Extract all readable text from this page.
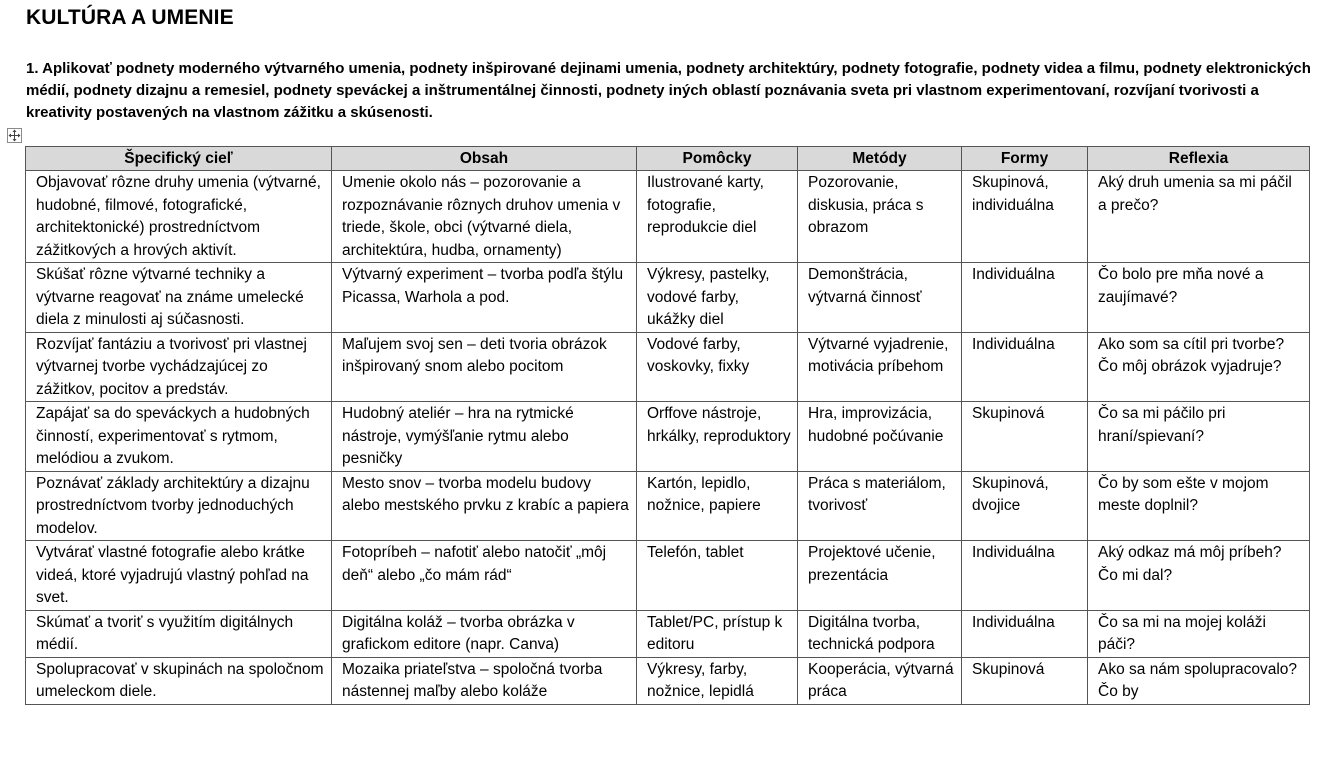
KULTÚRA A UMENIE
1. Aplikovať podnety moderného výtvarného umenia, podnety inšpirované dejinami umenia, podnety architektúry, podnety fotografie, podnety videa a filmu, podnety elektronických médií, podnety dizajnu a remesiel, podnety speváckej a inštrumentálnej činnosti, podnety iných oblastí poznávania sveta pri vlastnom experimentovaní, rozvíjaní tvorivosti a kreativity postavených na vlastnom zážitku a skúsenosti.
Špecifický cieľ	Obsah	Pomôcky	Metódy	Formy	Reflexia
Objavovať rôzne druhy umenia (výtvarné, hudobné, filmové, fotografické, architektonické) prostredníctvom zážitkových a hrových aktivít.	Umenie okolo nás – pozorovanie a rozpoznávanie rôznych druhov umenia v triede, škole, obci (výtvarné diela, architektúra, hudba, ornamenty)	Ilustrované karty, fotografie, reprodukcie diel	Pozorovanie, diskusia, práca s obrazom	Skupinová, individuálna	Aký druh umenia sa mi páčil a prečo?
Skúšať rôzne výtvarné techniky a výtvarne reagovať na známe umelecké diela z minulosti aj súčasnosti.	Výtvarný experiment – tvorba podľa štýlu Picassa, Warhola a pod.	Výkresy, pastelky, vodové farby, ukážky diel	Demonštrácia, výtvarná činnosť	Individuálna	Čo bolo pre mňa nové a zaujímavé?
Rozvíjať fantáziu a tvorivosť pri vlastnej výtvarnej tvorbe vychádzajúcej zo zážitkov, pocitov a predstáv.	Maľujem svoj sen – deti tvoria obrázok inšpirovaný snom alebo pocitom	Vodové farby, voskovky, fixky	Výtvarné vyjadrenie, motivácia príbehom	Individuálna	Ako som sa cítil pri tvorbe? Čo môj obrázok vyjadruje?
Zapájať sa do speváckych a hudobných činností, experimentovať s rytmom, melódiou a zvukom.	Hudobný ateliér – hra na rytmické nástroje, vymýšľanie rytmu alebo pesničky	Orffove nástroje, hrkálky, reproduktory	Hra, improvizácia, hudobné počúvanie	Skupinová	Čo sa mi páčilo pri hraní/spievaní?
Poznávať základy architektúry a dizajnu prostredníctvom tvorby jednoduchých modelov.	Mesto snov – tvorba modelu budovy alebo mestského prvku z krabíc a papiera	Kartón, lepidlo, nožnice, papiere	Práca s materiálom, tvorivosť	Skupinová, dvojice	Čo by som ešte v mojom meste doplnil?
Vytvárať vlastné fotografie alebo krátke videá, ktoré vyjadrujú vlastný pohľad na svet.	Fotopríbeh – nafotiť alebo natočiť „môj deň“ alebo „čo mám rád“	Telefón, tablet	Projektové učenie, prezentácia	Individuálna	Aký odkaz má môj príbeh? Čo mi dal?
Skúmať a tvoriť s využitím digitálnych médií.	Digitálna koláž – tvorba obrázka v grafickom editore (napr. Canva)	Tablet/PC, prístup k editoru	Digitálna tvorba, technická podpora	Individuálna	Čo sa mi na mojej koláži páči?
Spolupracovať v skupinách na spoločnom umeleckom diele.	Mozaika priateľstva – spoločná tvorba nástennej maľby alebo koláže	Výkresy, farby, nožnice, lepidlá	Kooperácia, výtvarná práca	Skupinová	Ako sa nám spolupracovalo? Čo by
